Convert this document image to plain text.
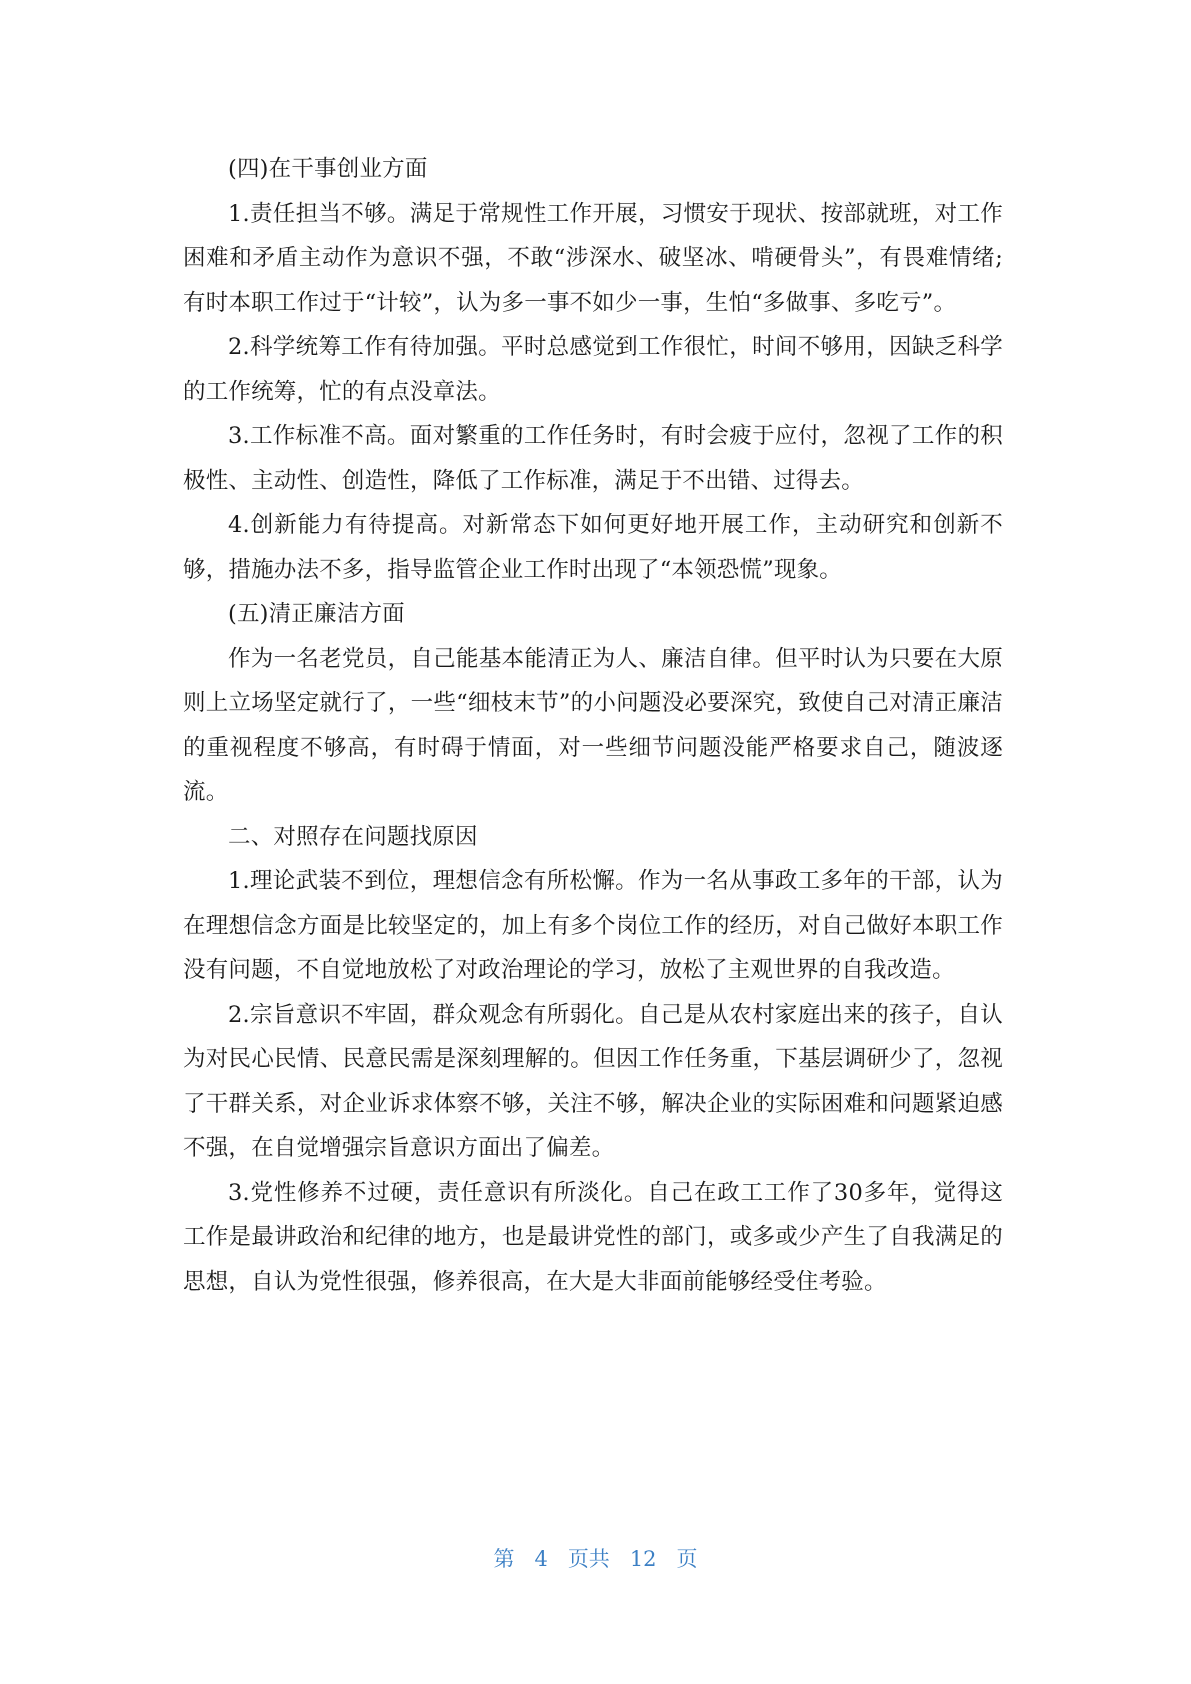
(四)在干事创业方面

1.责任担当不够。满足于常规性工作开展，习惯安于现状、按部就班，对工作困难和矛盾主动作为意识不强，不敢“涉深水、破坚冰、啃硬骨头”，有畏难情绪;有时本职工作过于“计较”，认为多一事不如少一事，生怕“多做事、多吃亏”。

2.科学统筹工作有待加强。平时总感觉到工作很忙，时间不够用，因缺乏科学的工作统筹，忙的有点没章法。

3.工作标准不高。面对繁重的工作任务时，有时会疲于应付，忽视了工作的积极性、主动性、创造性，降低了工作标准，满足于不出错、过得去。

4.创新能力有待提高。对新常态下如何更好地开展工作，主动研究和创新不够，措施办法不多，指导监管企业工作时出现了“本领恐慌”现象。

(五)清正廉洁方面

作为一名老党员，自己能基本能清正为人、廉洁自律。但平时认为只要在大原则上立场坚定就行了，一些“细枝末节”的小问题没必要深究，致使自己对清正廉洁的重视程度不够高，有时碍于情面，对一些细节问题没能严格要求自己，随波逐流。

二、对照存在问题找原因

1.理论武装不到位，理想信念有所松懈。作为一名从事政工多年的干部，认为在理想信念方面是比较坚定的，加上有多个岗位工作的经历，对自己做好本职工作没有问题，不自觉地放松了对政治理论的学习，放松了主观世界的自我改造。

2.宗旨意识不牢固，群众观念有所弱化。自己是从农村家庭出来的孩子，自认为对民心民情、民意民需是深刻理解的。但因工作任务重，下基层调研少了，忽视了干群关系，对企业诉求体察不够，关注不够，解决企业的实际困难和问题紧迫感不强，在自觉增强宗旨意识方面出了偏差。

3.党性修养不过硬，责任意识有所淡化。自己在政工工作了30多年，觉得这工作是最讲政治和纪律的地方，也是最讲党性的部门，或多或少产生了自我满足的思想，自认为党性很强，修养很高，在大是大非面前能够经受住考验。

第 4 页共 12 页
